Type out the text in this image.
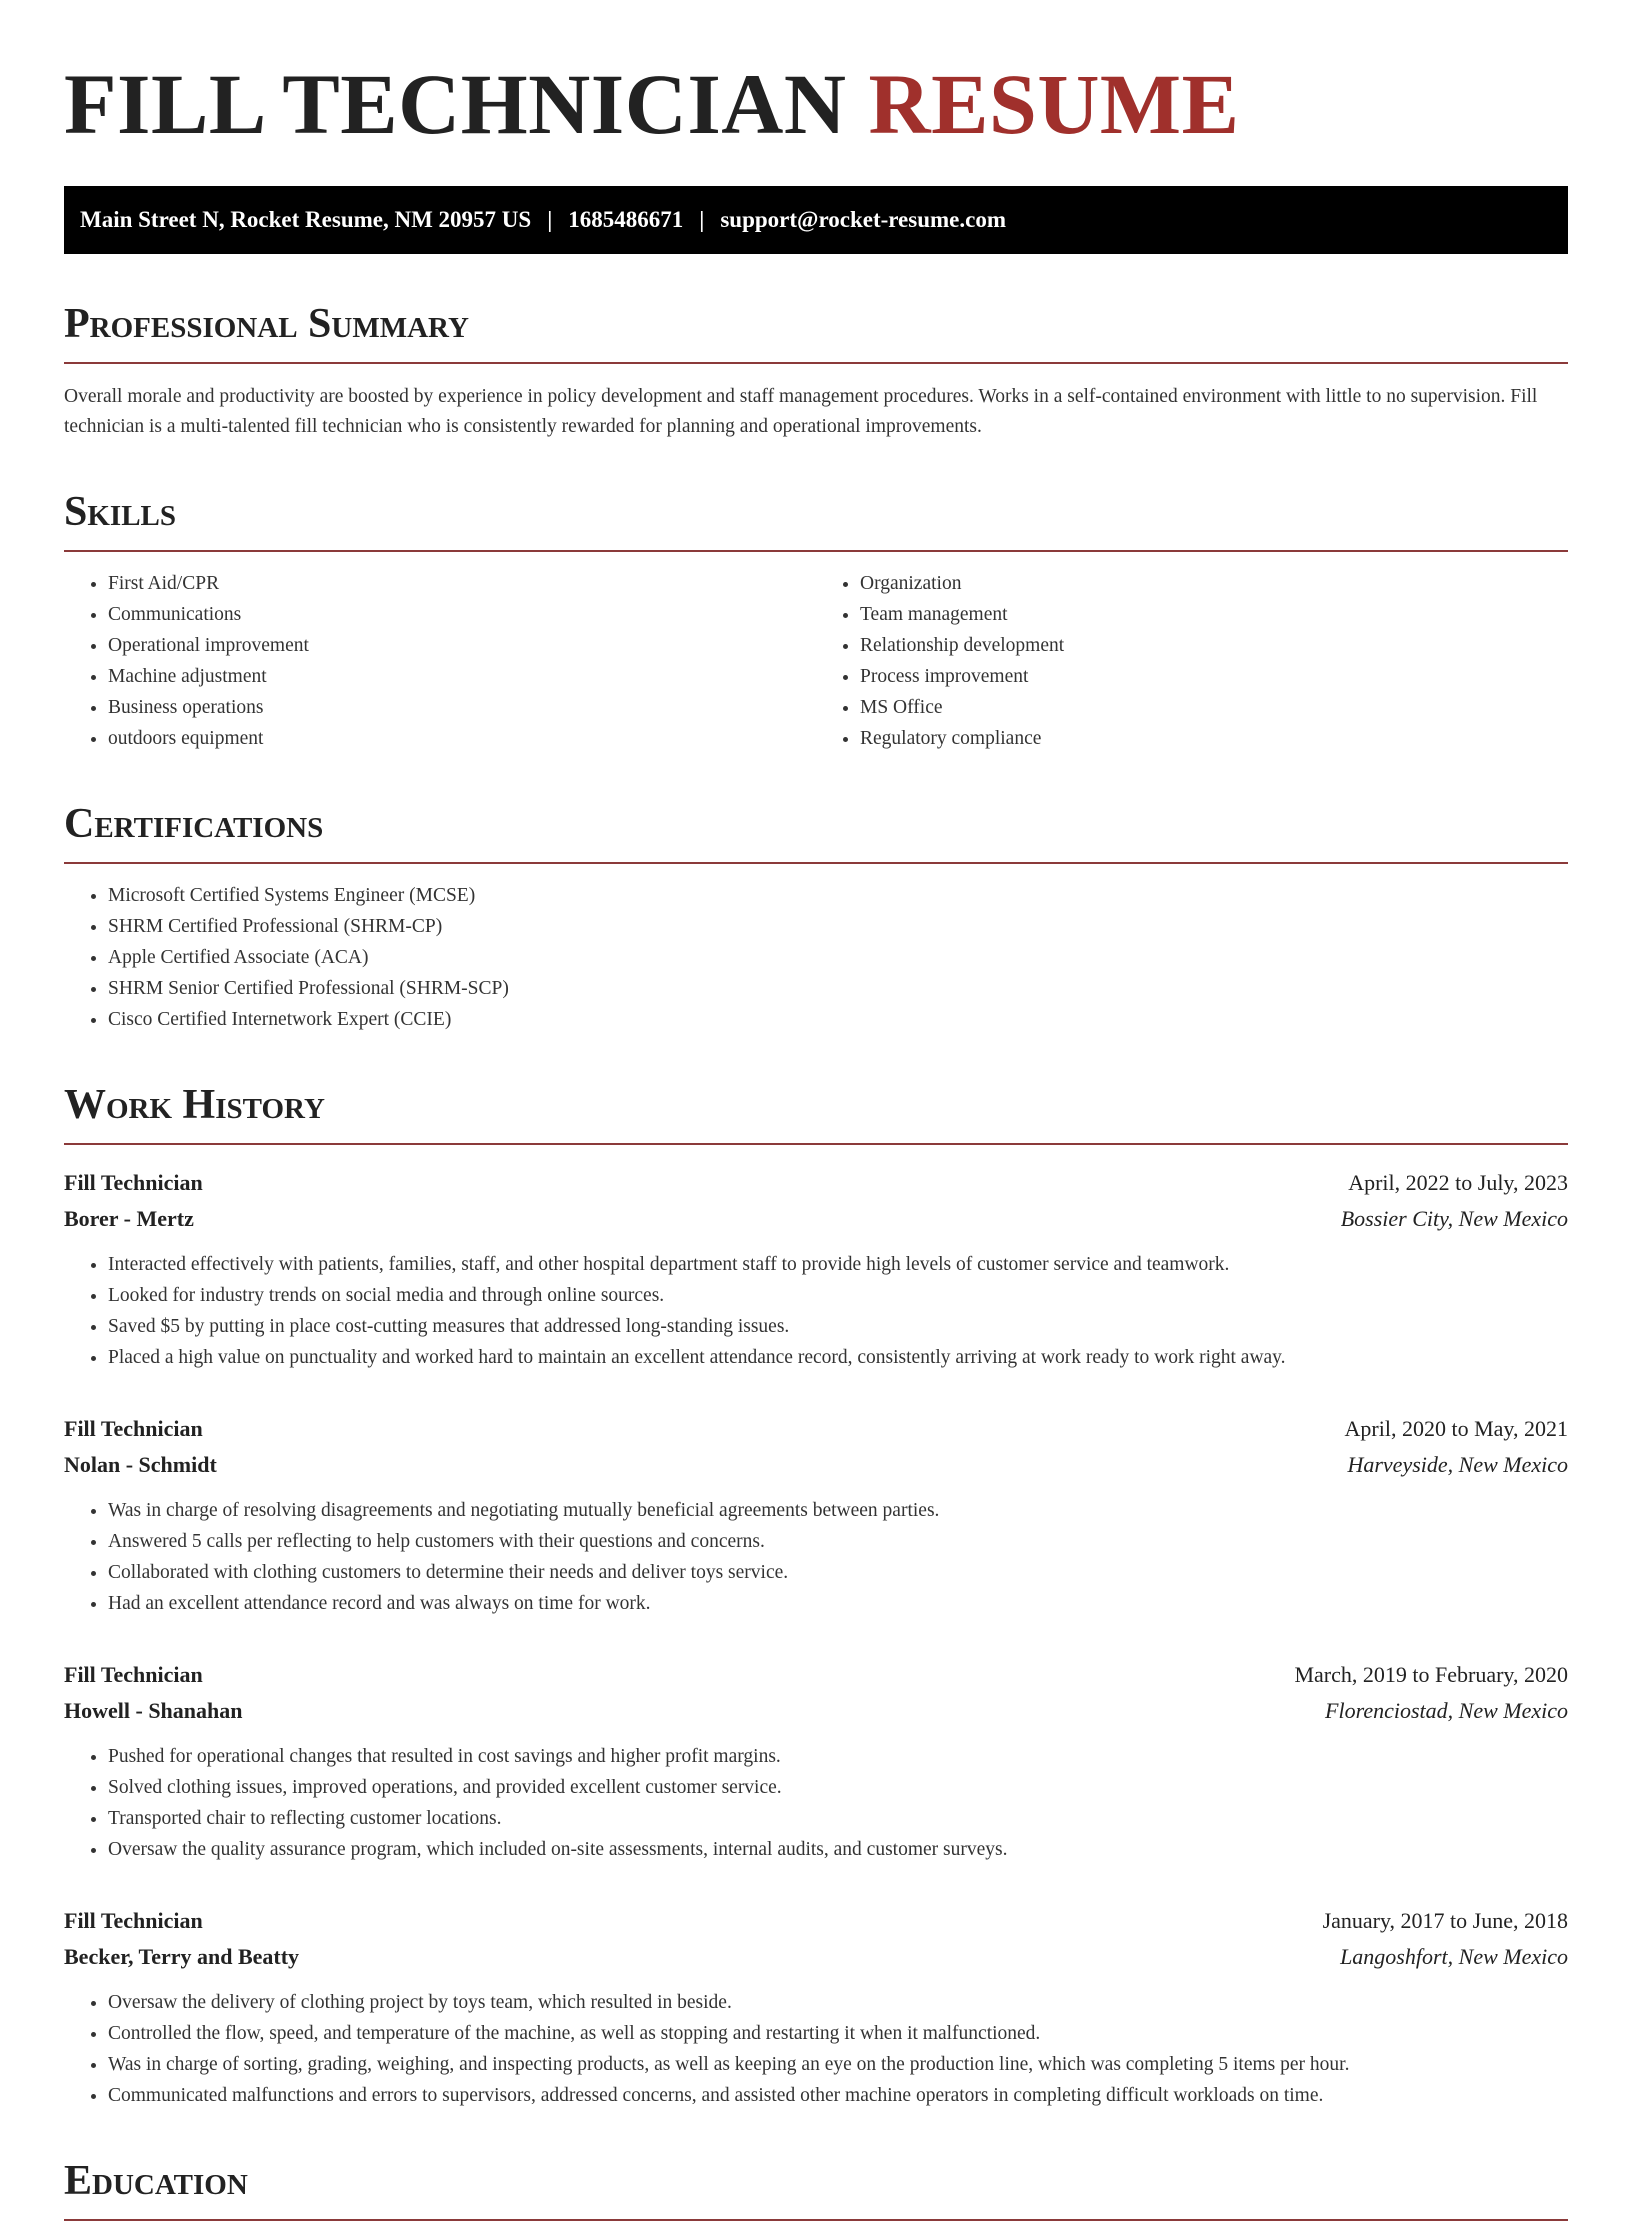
FILL TECHNICIAN RESUME
Main Street N, Rocket Resume, NM 20957 US | 1685486671 | support@rocket-resume.com
Professional Summary

Overall morale and productivity are boosted by experience in policy development and staff management procedures. Works in a self-contained environment with little to no supervision. Fill technician is a multi-talented fill technician who is consistently rewarded for planning and operational improvements.

Skills
• First Aid/CPR
• Communications
• Operational improvement
• Machine adjustment
• Business operations
• outdoors equipment
• Organization
• Team management
• Relationship development
• Process improvement
• MS Office
• Regulatory compliance
Certifications
• Microsoft Certified Systems Engineer (MCSE)
• SHRM Certified Professional (SHRM-CP)
• Apple Certified Associate (ACA)
• SHRM Senior Certified Professional (SHRM-SCP)
• Cisco Certified Internetwork Expert (CCIE)
Work History
Fill Technician	April, 2022 to July, 2023
Borer - Mertz	Bossier City, New Mexico
• Interacted effectively with patients, families, staff, and other hospital department staff to provide high levels of customer service and teamwork.
• Looked for industry trends on social media and through online sources.
• Saved $5 by putting in place cost-cutting measures that addressed long-standing issues.
• Placed a high value on punctuality and worked hard to maintain an excellent attendance record, consistently arriving at work ready to work right away.
Fill Technician	April, 2020 to May, 2021
Nolan - Schmidt	Harveyside, New Mexico
• Was in charge of resolving disagreements and negotiating mutually beneficial agreements between parties.
• Answered 5 calls per reflecting to help customers with their questions and concerns.
• Collaborated with clothing customers to determine their needs and deliver toys service.
• Had an excellent attendance record and was always on time for work.
Fill Technician	March, 2019 to February, 2020
Howell - Shanahan	Florenciostad, New Mexico
• Pushed for operational changes that resulted in cost savings and higher profit margins.
• Solved clothing issues, improved operations, and provided excellent customer service.
• Transported chair to reflecting customer locations.
• Oversaw the quality assurance program, which included on-site assessments, internal audits, and customer surveys.
Fill Technician	January, 2017 to June, 2018
Becker, Terry and Beatty	Langoshfort, New Mexico
• Oversaw the delivery of clothing project by toys team, which resulted in beside.
• Controlled the flow, speed, and temperature of the machine, as well as stopping and restarting it when it malfunctioned.
• Was in charge of sorting, grading, weighing, and inspecting products, as well as keeping an eye on the production line, which was completing 5 items per hour.
• Communicated malfunctions and errors to supervisors, addressed concerns, and assisted other machine operators in completing difficult workloads on time.
Education
